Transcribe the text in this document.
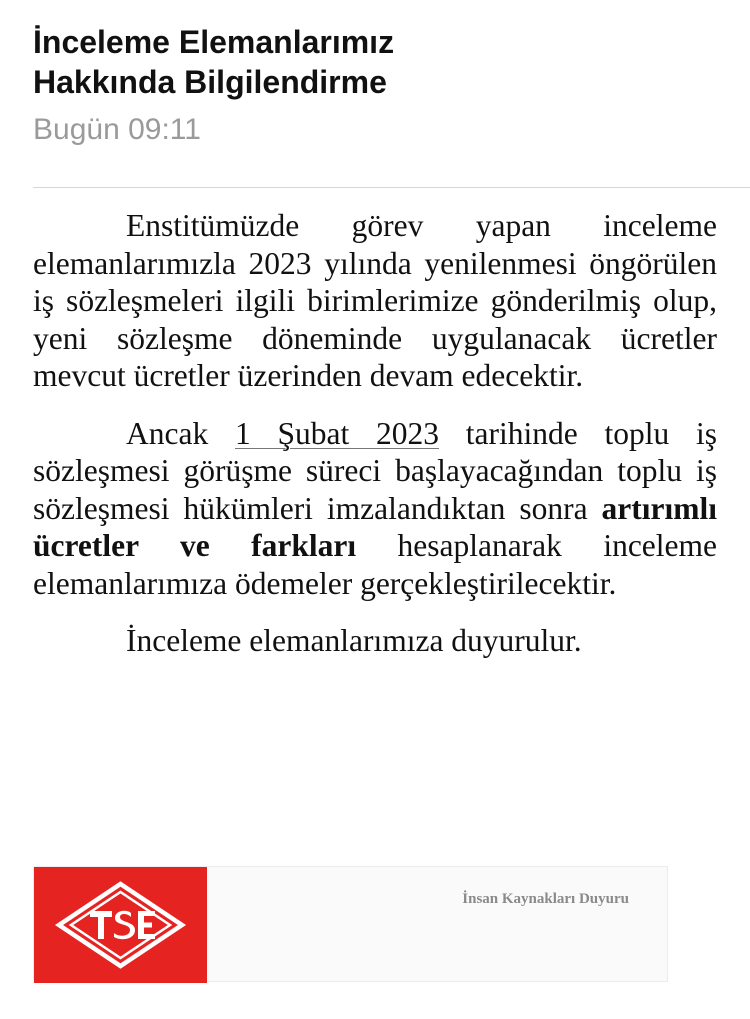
İnceleme Elemanlarımız
Hakkında Bilgilendirme
Bugün 09:11

Enstitümüzde görev yapan inceleme elemanlarımızla 2023 yılında yenilenmesi öngörülen iş sözleşmeleri ilgili birimlerimize gönderilmiş olup, yeni sözleşme döneminde uygulanacak ücretler mevcut ücretler üzerinden devam edecektir.

Ancak 1 Şubat 2023 tarihinde toplu iş sözleşmesi görüşme süreci başlayacağından toplu iş sözleşmesi hükümleri imzalandıktan sonra artırımlı ücretler ve farkları hesaplanarak inceleme elemanlarımıza ödemeler gerçekleştirilecektir.

İnceleme elemanlarımıza duyurulur.

İnsan Kaynakları Duyuru
